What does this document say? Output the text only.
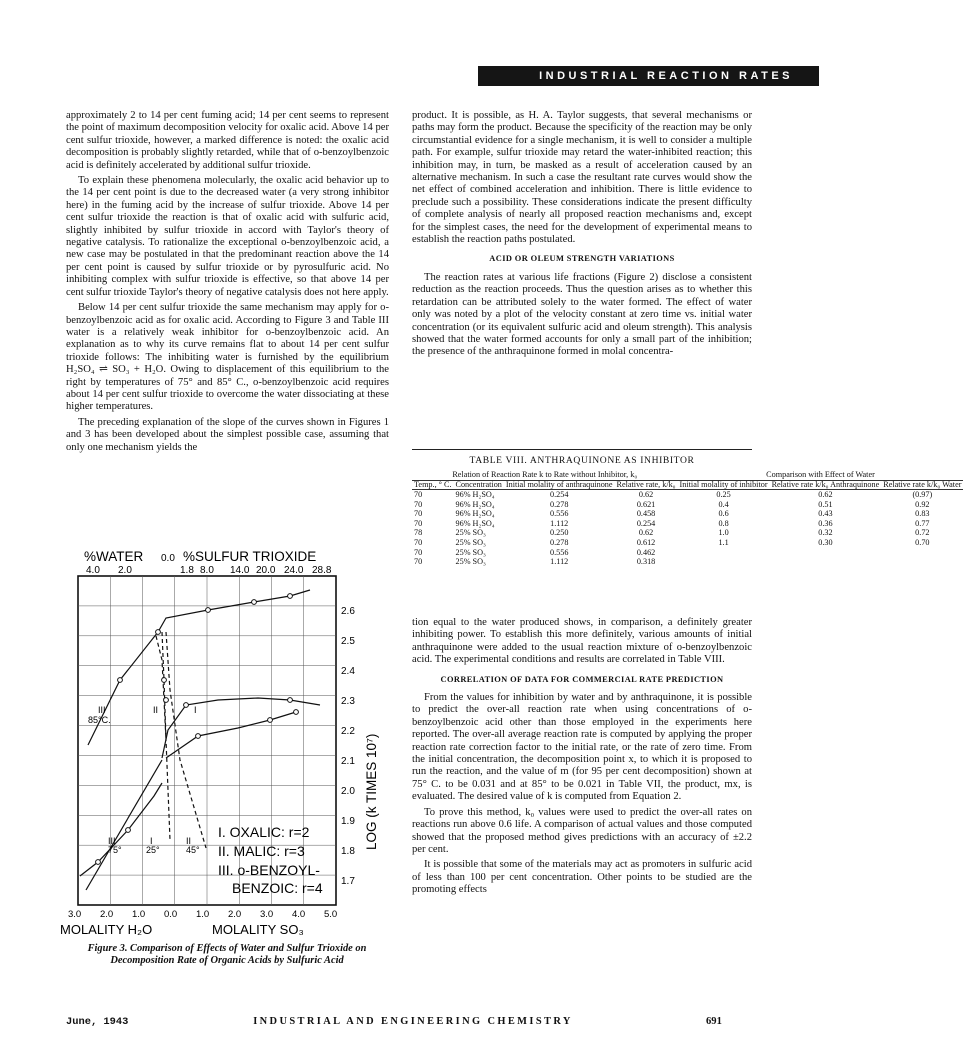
INDUSTRIAL REACTION RATES

approximately 2 to 14 per cent fuming acid; 14 per cent seems to represent the point of maximum decomposition velocity for oxalic acid. Above 14 per cent sulfur trioxide, however, a marked difference is noted: the oxalic acid decomposition is probably slightly retarded, while that of o-benzoylbenzoic acid is definitely accelerated by additional sulfur trioxide.

To explain these phenomena molecularly, the oxalic acid behavior up to the 14 per cent point is due to the decreased water (a very strong inhibitor here) in the fuming acid by the increase of sulfur trioxide. Above 14 per cent sulfur trioxide the reaction is that of oxalic acid with sulfuric acid, slightly inhibited by sulfur trioxide in accord with Taylor's theory of negative catalysis. To rationalize the exceptional o-benzoylbenzoic acid, a new case may be postulated in that the predominant reaction above the 14 per cent point is caused by sulfur trioxide or by pyrosulfuric acid. No inhibiting complex with sulfur trioxide is effective, so that above 14 per cent sulfur trioxide Taylor's theory of negative catalysis does not here apply.

Below 14 per cent sulfur trioxide the same mechanism may apply for o-benzoylbenzoic acid as for oxalic acid. According to Figure 3 and Table III water is a relatively weak inhibitor for o-benzoylbenzoic acid. An explanation as to why its curve remains flat to about 14 per cent sulfur trioxide follows: The inhibiting water is furnished by the equilibrium H₂SO₄ ⇌ SO₃ + H₂O. Owing to displacement of this equilibrium to the right by temperatures of 75° and 85° C., o-benzoylbenzoic acid requires about 14 per cent sulfur trioxide to overcome the water dissociating at these higher temperatures.

The preceding explanation of the slope of the curves shown in Figures 1 and 3 has been developed about the simplest possible case, assuming that only one mechanism yields the

product. It is possible, as H. A. Taylor suggests, that several mechanisms or paths may form the product. Because the specificity of the reaction may be only circumstantial evidence for a single mechanism, it is well to consider a multiple path. For example, sulfur trioxide may retard the water-inhibited reaction; this inhibition may, in turn, be masked as a result of acceleration caused by an alternative mechanism. In such a case the resultant rate curves would show the net effect of combined acceleration and inhibition. There is little evidence to preclude such a possibility. These considerations indicate the present difficulty of complete analysis of nearly all proposed reaction mechanisms and, except for the simplest cases, the need for the development of experimental means to establish the reaction paths postulated.

ACID OR OLEUM STRENGTH VARIATIONS

The reaction rates at various life fractions (Figure 2) disclose a consistent reduction as the reaction proceeds. Thus the question arises as to whether this retardation can be attributed solely to the water formed. The effect of water only was noted by a plot of the velocity constant at zero time vs. initial water concentration (or its equivalent sulfuric acid and oleum strength). This analysis showed that the water formed accounts for only a small part of the inhibition; the presence of the anthraquinone formed in molal concentra-

TABLE VIII. ANTHRAQUINONE AS INHIBITOR
Relation of Reaction Rate k to Rate without Inhibitor, k₀				Comparison with Effect of Water		
Temp., ° C.	Concentration	Initial molality of anthraquinone	Relative rate, k/k₀	Initial molality of inhibitor	Relative rate k/k₀ Anthraquinone	Relative rate k/k₀ Water
70	96% H₂SO₄	0.254	0.62	0.25	0.62	(0.97)
70	96% H₂SO₄	0.278	0.621	0.4	0.51	0.92
70	96% H₂SO₄	0.556	0.458	0.6	0.43	0.83
70	96% H₂SO₄	1.112	0.254	0.8	0.36	0.77
78	25% SO₃	0.250	0.62	1.0	0.32	0.72
70	25% SO₃	0.278	0.612	1.1	0.30	0.70
70	25% SO₃	0.556	0.462			
70	25% SO₃	1.112	0.318			
%WATER 0.0 %SULFUR TRIOXIDE
4.0 2.0	1.8 8.0 14.0 20.0 24.0 28.8
2.6
2.5
2.4
2.3
2.2
2.1
2.0
1.9
1.8
1.7
3.0 2.0 1.0 0.0 1.0 2.0 3.0 4.0 5.0
LOG (k TIMES 10⁷)
MOLALITY H₂O	MOLALITY SO₃
III
85°C.
II	I
III
75°
I
25°
II
45°
I. OXALIC: r=2
II. MALIC: r=3
III. o-BENZOYL-
BENZOIC: r=4
Figure 3. Comparison of Effects of Water and Sulfur Trioxide on Decomposition Rate of Organic Acids by Sulfuric Acid

tion equal to the water produced shows, in comparison, a definitely greater inhibiting power. To establish this more definitely, various amounts of initial anthraquinone were added to the usual reaction mixture of o-benzoylbenzoic acid. The experimental conditions and results are correlated in Table VIII.

CORRELATION OF DATA FOR COMMERCIAL RATE PREDICTION

From the values for inhibition by water and by anthraquinone, it is possible to predict the over-all reaction rate when using concentrations of o-benzoylbenzoic acid other than those employed in the experiments here reported. The over-all average reaction rate is computed by applying the proper reaction rate correction factor to the initial rate, or the rate of zero time. From the initial concentration, the decomposition point x, to which it is proposed to run the reaction, and the value of m (for 95 per cent decomposition) shown at 75° C. to be 0.031 and at 85° to be 0.021 in Table VII, the product, mx, is evaluated. The desired value of k is computed from Equation 2.

To prove this method, k₀ values were used to predict the over-all rates on reactions run above 0.6 life. A comparison of actual values and those computed showed that the proposed method gives predictions with an accuracy of ±2.2 per cent.

It is possible that some of the materials may act as promoters in sulfuric acid of less than 100 per cent concentration. Other points to be studied are the promoting effects

June, 1943	INDUSTRIAL AND ENGINEERING CHEMISTRY	691
